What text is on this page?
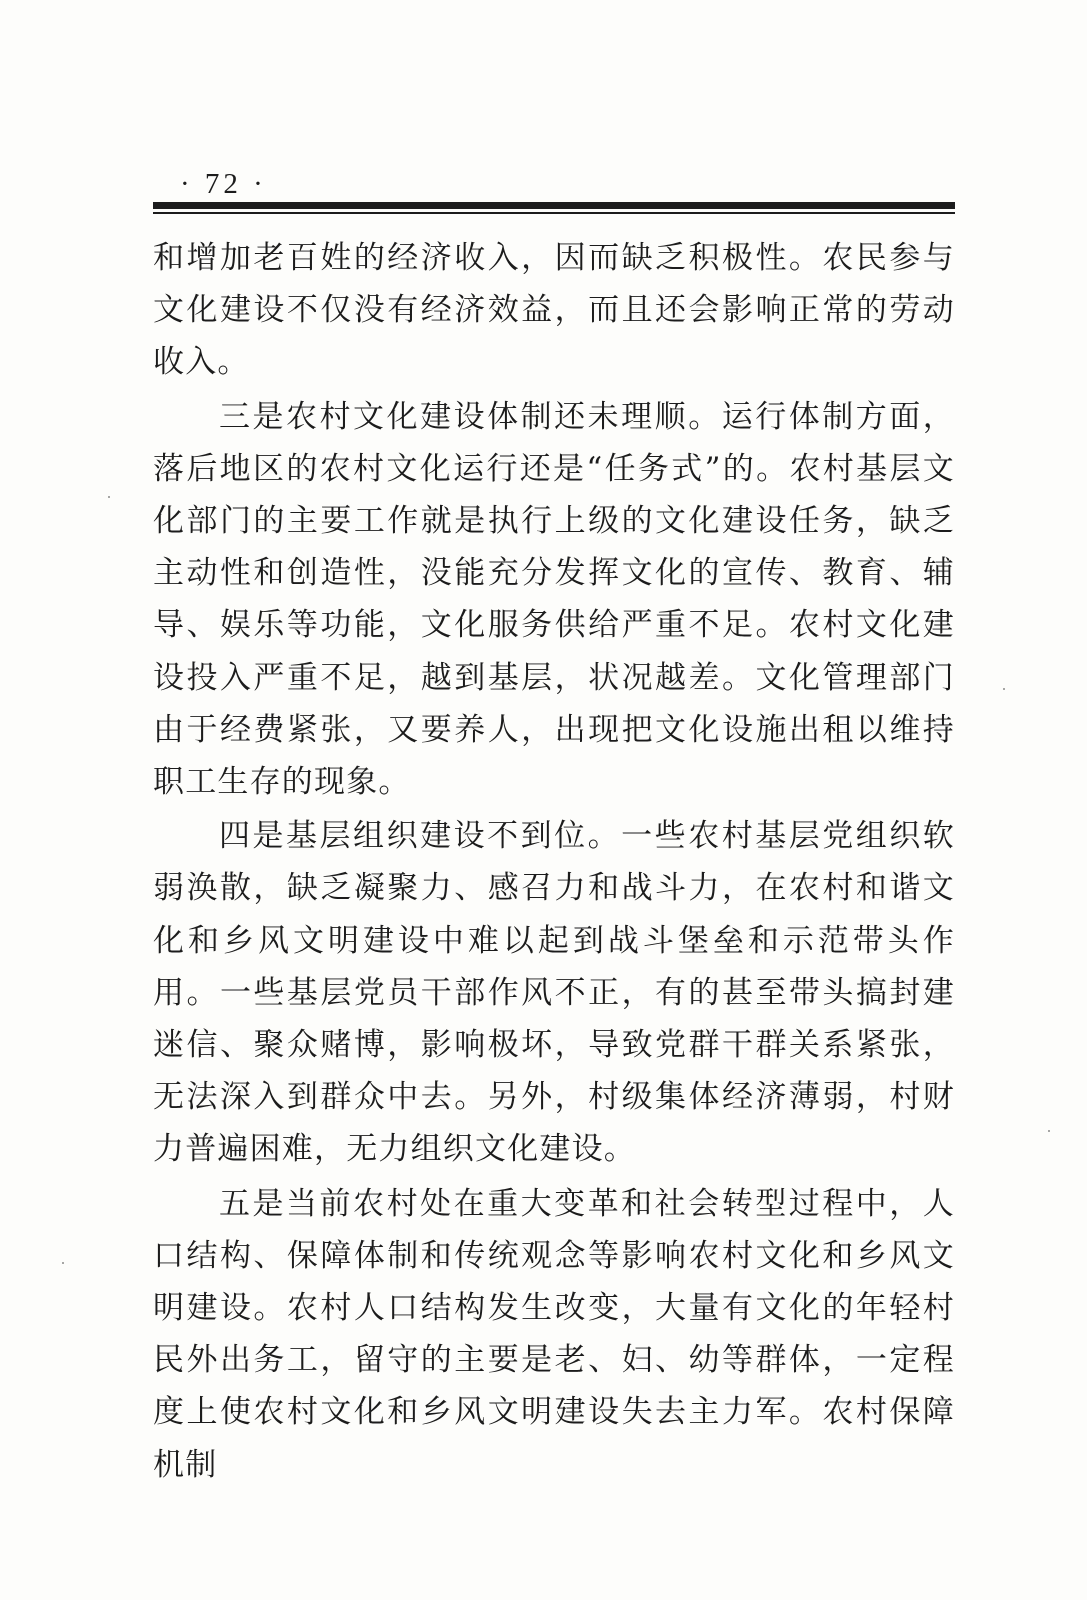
· 72 ·

和增加老百姓的经济收入，因而缺乏积极性。农民参与文化建设不仅没有经济效益，而且还会影响正常的劳动收入。

三是农村文化建设体制还未理顺。运行体制方面，落后地区的农村文化运行还是“任务式”的。农村基层文化部门的主要工作就是执行上级的文化建设任务，缺乏主动性和创造性，没能充分发挥文化的宣传、教育、辅导、娱乐等功能，文化服务供给严重不足。农村文化建设投入严重不足，越到基层，状况越差。文化管理部门由于经费紧张，又要养人，出现把文化设施出租以维持职工生存的现象。

四是基层组织建设不到位。一些农村基层党组织软弱涣散，缺乏凝聚力、感召力和战斗力，在农村和谐文化和乡风文明建设中难以起到战斗堡垒和示范带头作用。一些基层党员干部作风不正，有的甚至带头搞封建迷信、聚众赌博，影响极坏，导致党群干群关系紧张，无法深入到群众中去。另外，村级集体经济薄弱，村财力普遍困难，无力组织文化建设。

五是当前农村处在重大变革和社会转型过程中，人口结构、保障体制和传统观念等影响农村文化和乡风文明建设。农村人口结构发生改变，大量有文化的年轻村民外出务工，留守的主要是老、妇、幼等群体，一定程度上使农村文化和乡风文明建设失去主力军。农村保障机制
